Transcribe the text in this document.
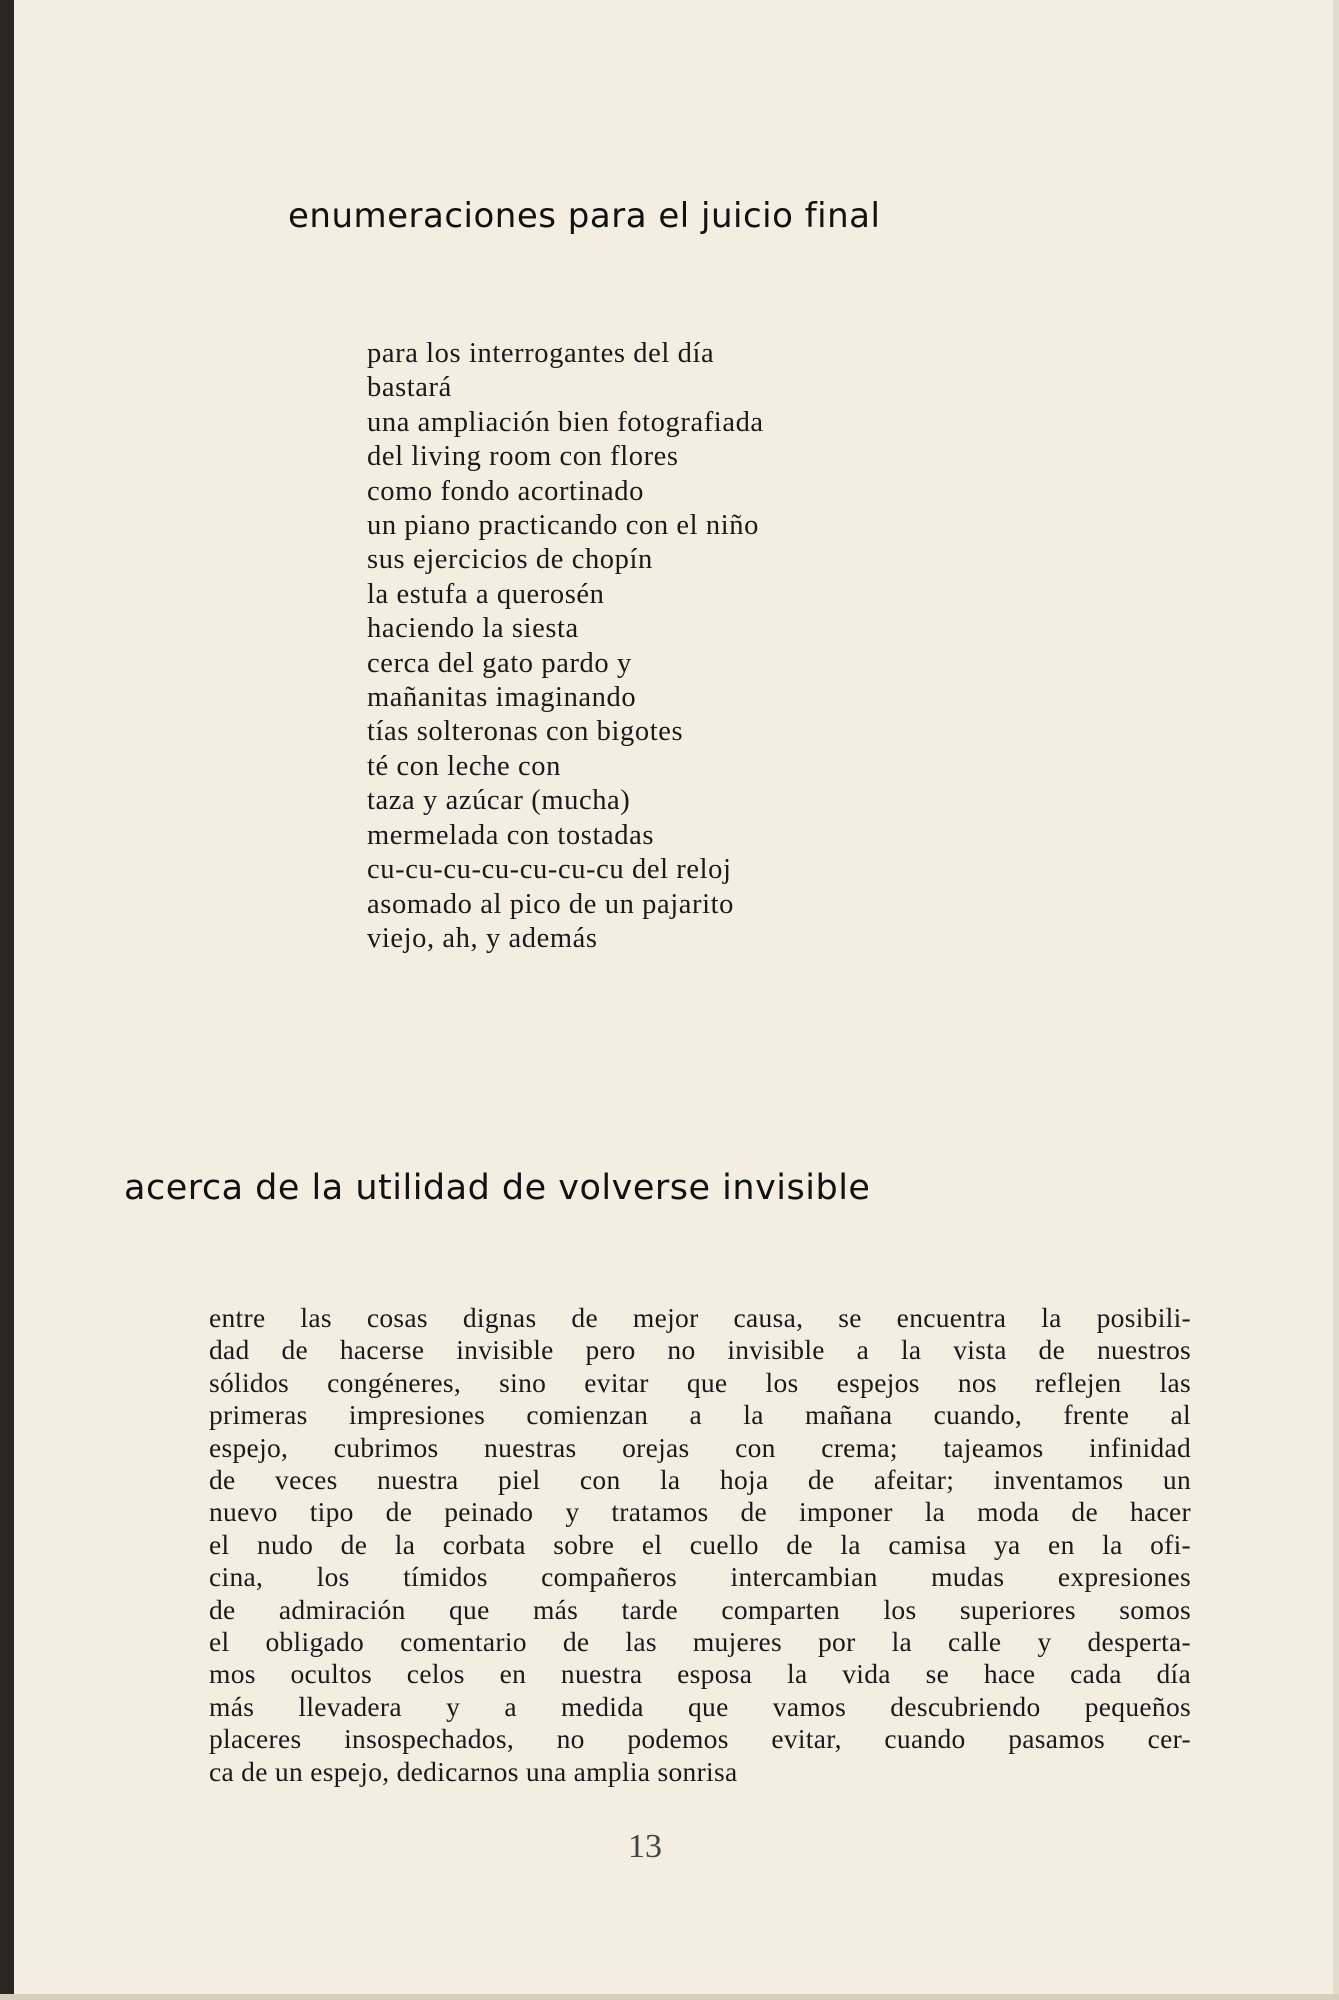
enumeraciones para el juicio final
para los interrogantes del día
bastará
una ampliación bien fotografiada
del living room con flores
como fondo acortinado
un piano practicando con el niño
sus ejercicios de chopín
la estufa a querosén
haciendo la siesta
cerca del gato pardo y
mañanitas imaginando
tías solteronas con bigotes
té con leche con
taza y azúcar (mucha)
mermelada con tostadas
cu-cu-cu-cu-cu-cu-cu del reloj
asomado al pico de un pajarito
viejo, ah, y además
acerca de la utilidad de volverse invisible
entre las cosas dignas de mejor causa, se encuentra la posibili-
dad de hacerse invisible pero no invisible a la vista de nuestros
sólidos congéneres, sino evitar que los espejos nos reflejen las
primeras impresiones comienzan a la mañana cuando, frente al
espejo, cubrimos nuestras orejas con crema; tajeamos infinidad
de veces nuestra piel con la hoja de afeitar; inventamos un
nuevo tipo de peinado y tratamos de imponer la moda de hacer
el nudo de la corbata sobre el cuello de la camisa ya en la ofi-
cina, los tímidos compañeros intercambian mudas expresiones
de admiración que más tarde comparten los superiores somos
el obligado comentario de las mujeres por la calle y desperta-
mos ocultos celos en nuestra esposa la vida se hace cada día
más llevadera y a medida que vamos descubriendo pequeños
placeres insospechados, no podemos evitar, cuando pasamos cer-
ca de un espejo, dedicarnos una amplia sonrisa
13
